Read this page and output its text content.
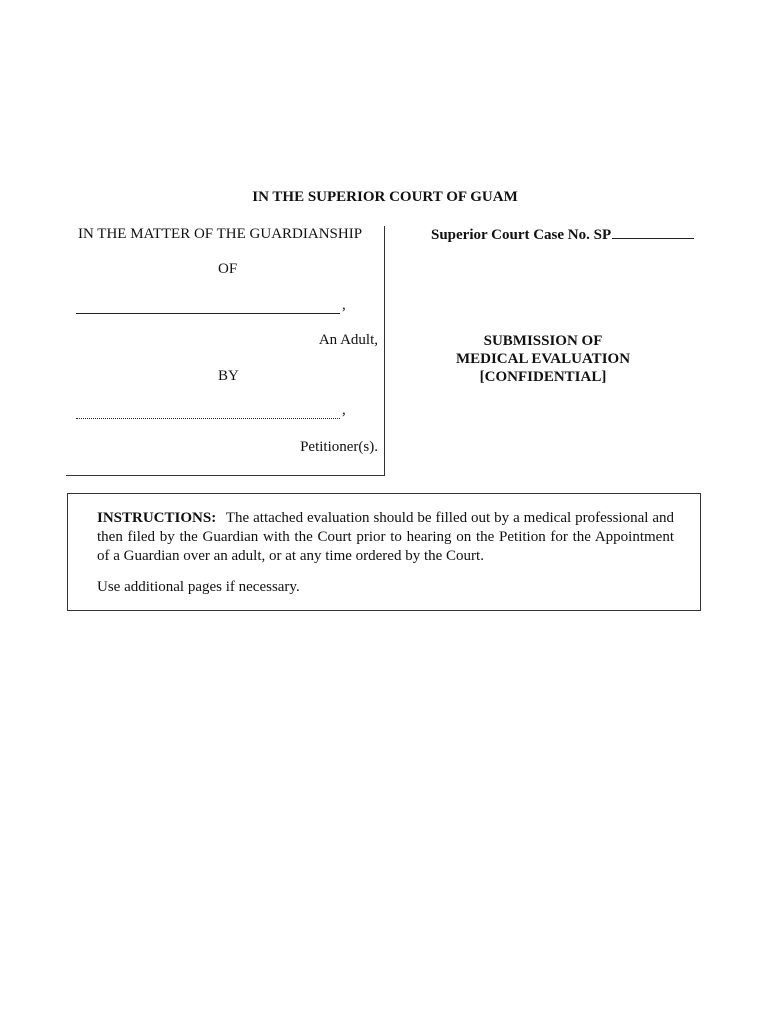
IN THE SUPERIOR COURT OF GUAM
IN THE MATTER OF THE GUARDIANSHIP
OF
,
An Adult,
BY
,
Petitioner(s).
Superior Court Case No. SP
SUBMISSION OF
MEDICAL EVALUATION
[CONFIDENTIAL]
INSTRUCTIONS: The attached evaluation should be filled out by a medical professional and then filed by the Guardian with the Court prior to hearing on the Petition for the Appointment of a Guardian over an adult, or at any time ordered by the Court.
Use additional pages if necessary.
